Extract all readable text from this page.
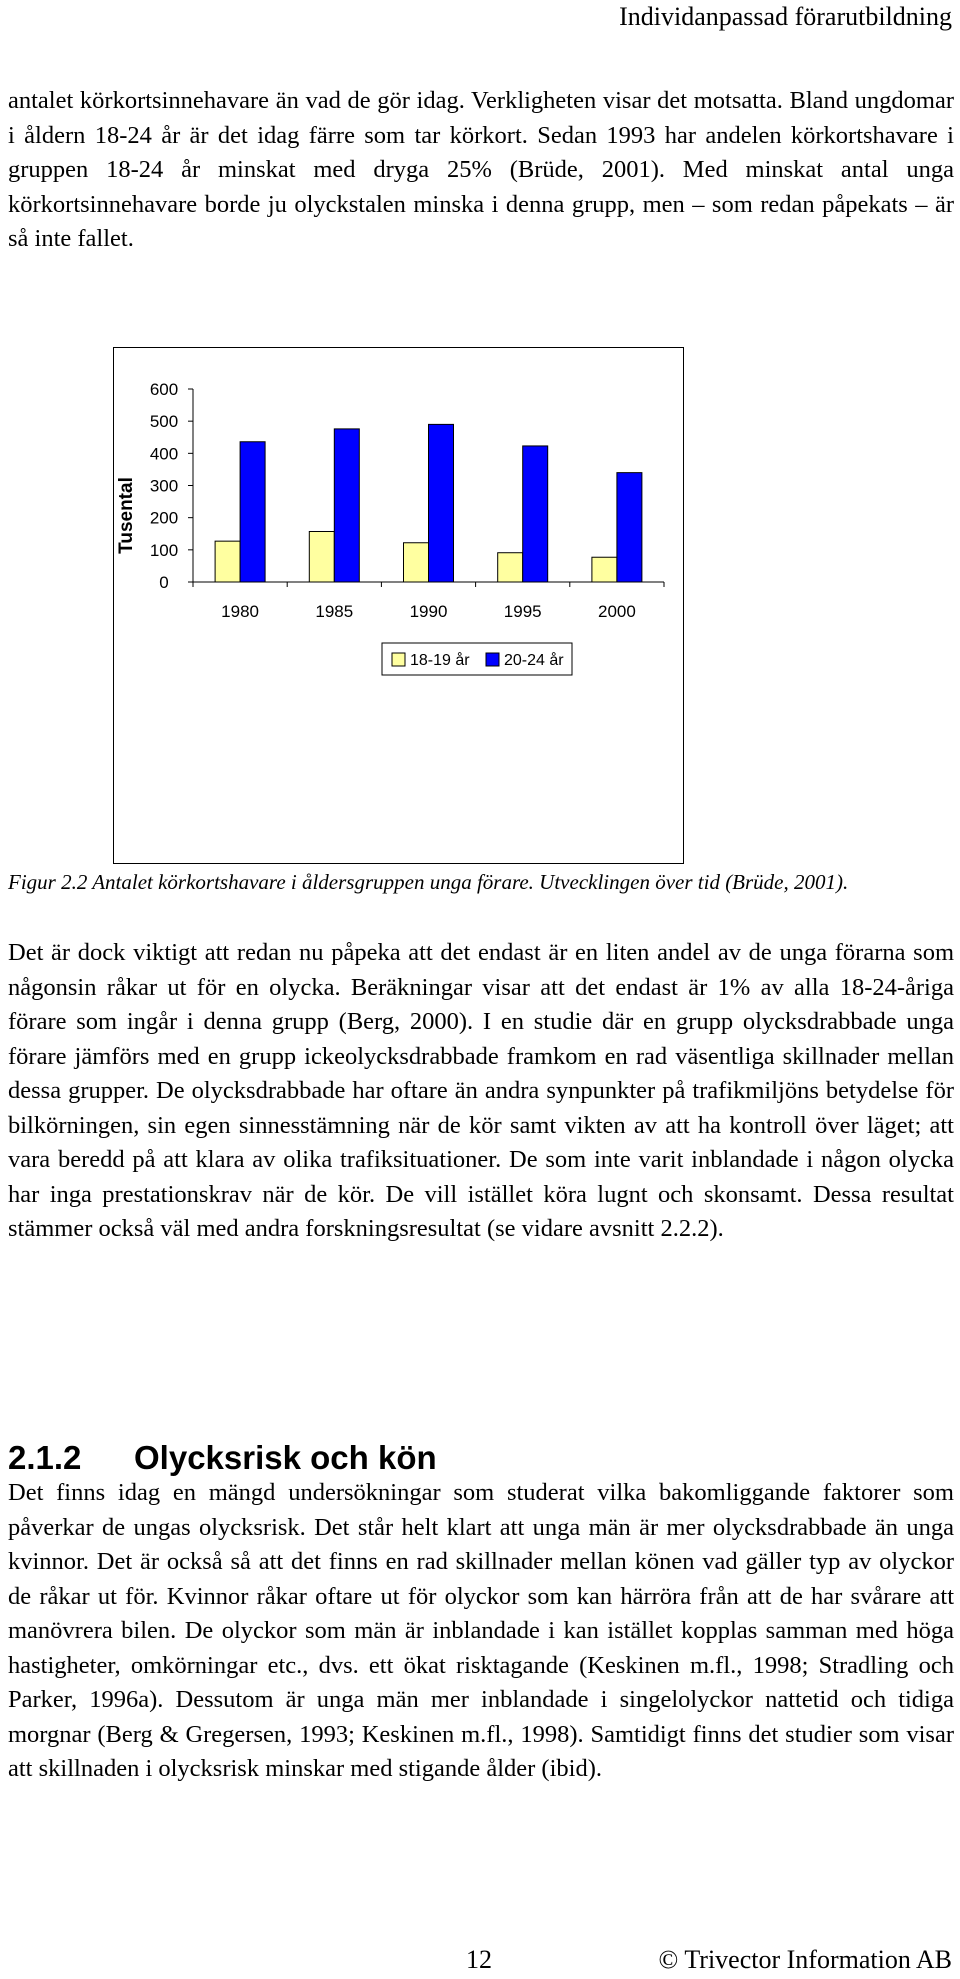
Individanpassad förarutbildning

antalet körkortsinnehavare än vad de gör idag. Verkligheten visar det motsatta. Bland ungdomar i åldern 18-24 år är det idag färre som tar körkort. Sedan 1993 har andelen körkortshavare i gruppen 18-24 år minskat med dryga 25% (Brüde, 2001). Med minskat antal unga körkortsinnehavare borde ju olyckstalen minska i denna grupp, men – som redan påpekats – är så inte fallet.

0
100
200
300
400
500
600
Tusental
1980	1985	1990	1995	2000
18-19 år 20-24 år

Figur 2.2 Antalet körkortshavare i åldersgruppen unga förare. Utvecklingen över tid (Brüde, 2001).

Det är dock viktigt att redan nu påpeka att det endast är en liten andel av de unga förarna som någonsin råkar ut för en olycka. Beräkningar visar att det endast är 1% av alla 18-24-åriga förare som ingår i denna grupp (Berg, 2000). I en studie där en grupp olycksdrabbade unga förare jämförs med en grupp ickeolycksdrabbade framkom en rad väsentliga skillnader mellan dessa grupper. De olycksdrabbade har oftare än andra synpunkter på trafikmiljöns betydelse för bilkörningen, sin egen sinnesstämning när de kör samt vikten av att ha kontroll över läget; att vara beredd på att klara av olika trafiksituationer. De som inte varit inblandade i någon olycka har inga prestationskrav när de kör. De vill istället köra lugnt och skonsamt. Dessa resultat stämmer också väl med andra forskningsresultat (se vidare avsnitt 2.2.2).

2.1.2 Olycksrisk och kön

Det finns idag en mängd undersökningar som studerat vilka bakomliggande faktorer som påverkar de ungas olycksrisk. Det står helt klart att unga män är mer olycksdrabbade än unga kvinnor. Det är också så att det finns en rad skillnader mellan könen vad gäller typ av olyckor de råkar ut för. Kvinnor råkar oftare ut för olyckor som kan härröra från att de har svårare att manövrera bilen. De olyckor som män är inblandade i kan istället kopplas samman med höga hastigheter, omkörningar etc., dvs. ett ökat risktagande (Keskinen m.fl., 1998; Stradling och Parker, 1996a). Dessutom är unga män mer inblandade i singelolyckor nattetid och tidiga morgnar (Berg & Gregersen, 1993; Keskinen m.fl., 1998). Samtidigt finns det studier som visar att skillnaden i olycksrisk minskar med stigande ålder (ibid).

12	© Trivector Information AB
